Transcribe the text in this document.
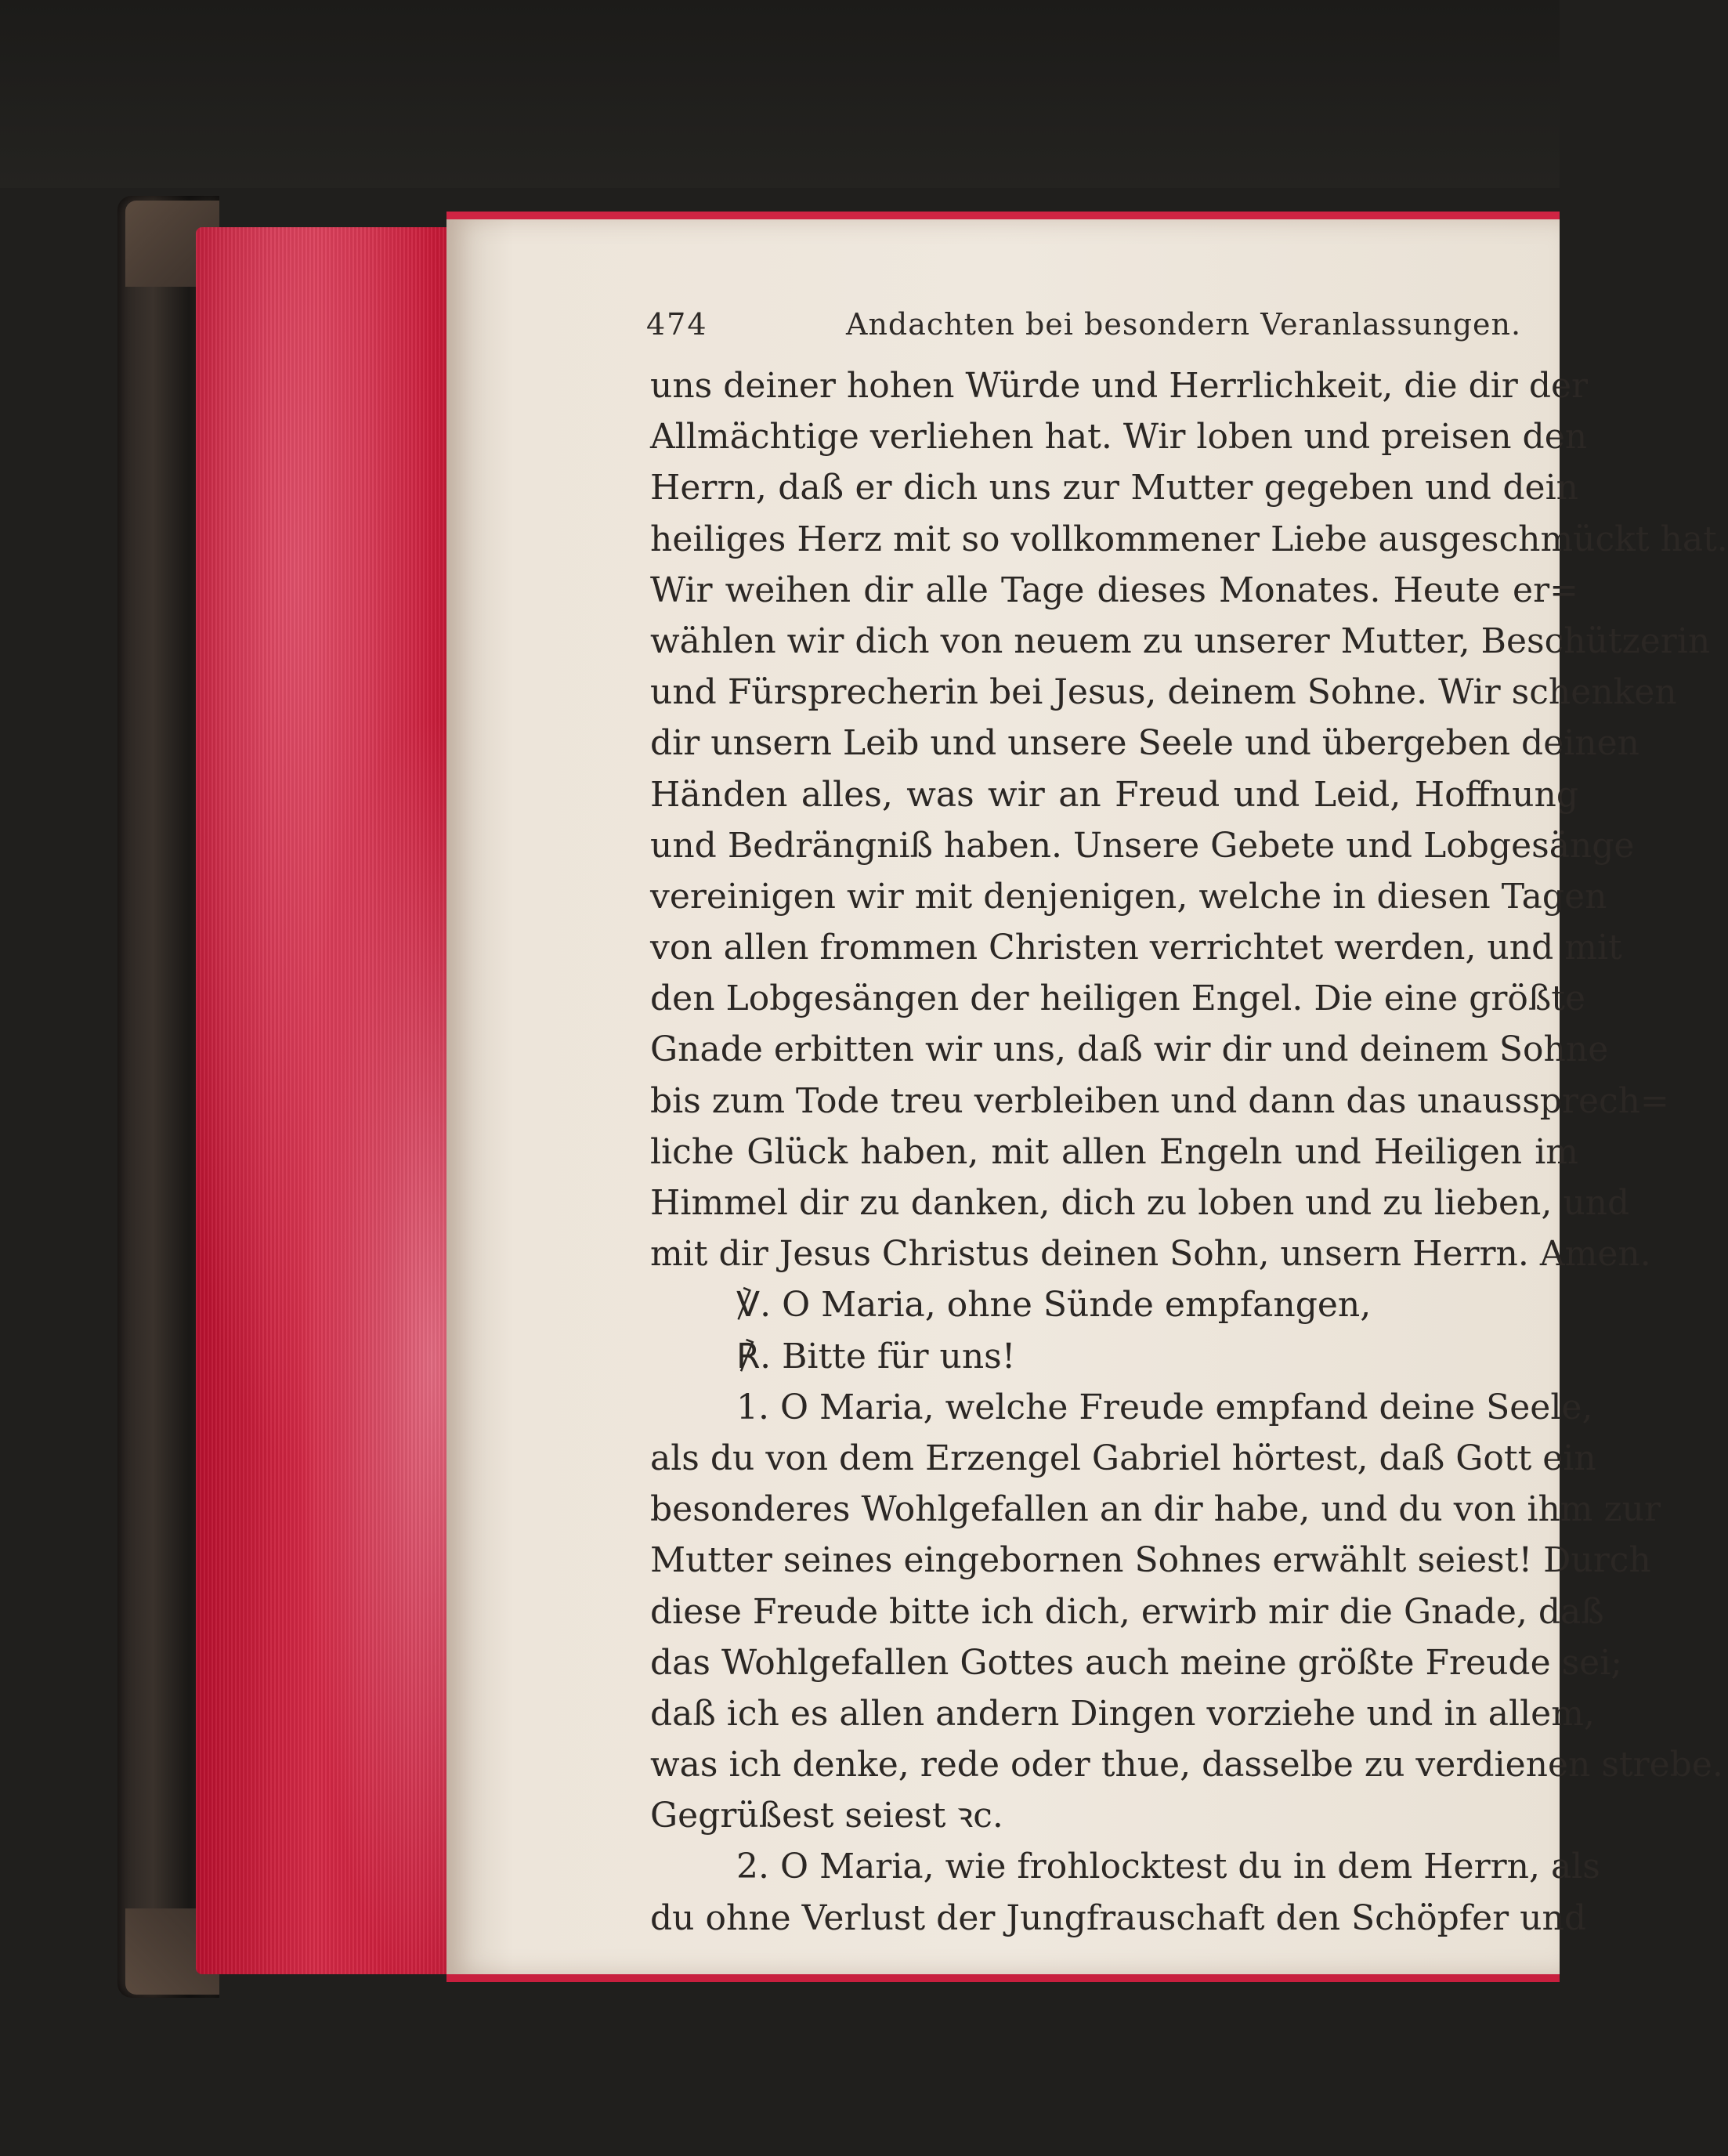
474	Andachten bei besondern Veranlassungen.
uns deiner hohen Würde und Herrlichkeit, die dir der
Allmächtige verliehen hat. Wir loben und preisen den
Herrn, daß er dich uns zur Mutter gegeben und dein
heiliges Herz mit so vollkommener Liebe ausgeschmückt hat.
Wir weihen dir alle Tage dieses Monates. Heute er=
wählen wir dich von neuem zu unserer Mutter, Beschützerin
und Fürsprecherin bei Jesus, deinem Sohne. Wir schenken
dir unsern Leib und unsere Seele und übergeben deinen
Händen alles, was wir an Freud und Leid, Hoffnung
und Bedrängniß haben. Unsere Gebete und Lobgesänge
vereinigen wir mit denjenigen, welche in diesen Tagen
von allen frommen Christen verrichtet werden, und mit
den Lobgesängen der heiligen Engel. Die eine größte
Gnade erbitten wir uns, daß wir dir und deinem Sohne
bis zum Tode treu verbleiben und dann das unaussprech=
liche Glück haben, mit allen Engeln und Heiligen im
Himmel dir zu danken, dich zu loben und zu lieben, und
mit dir Jesus Christus deinen Sohn, unsern Herrn. Amen.
℣. O Maria, ohne Sünde empfangen,
℟. Bitte für uns!
1. O Maria, welche Freude empfand deine Seele,
als du von dem Erzengel Gabriel hörtest, daß Gott ein
besonderes Wohlgefallen an dir habe, und du von ihm zur
Mutter seines eingebornen Sohnes erwählt seiest! Durch
diese Freude bitte ich dich, erwirb mir die Gnade, daß
das Wohlgefallen Gottes auch meine größte Freude sei;
daß ich es allen andern Dingen vorziehe und in allem,
was ich denke, rede oder thue, dasselbe zu verdienen strebe.
Gegrüßest seiest ꝛc.
2. O Maria, wie frohlocktest du in dem Herrn, als
du ohne Verlust der Jungfrauschaft den Schöpfer und
